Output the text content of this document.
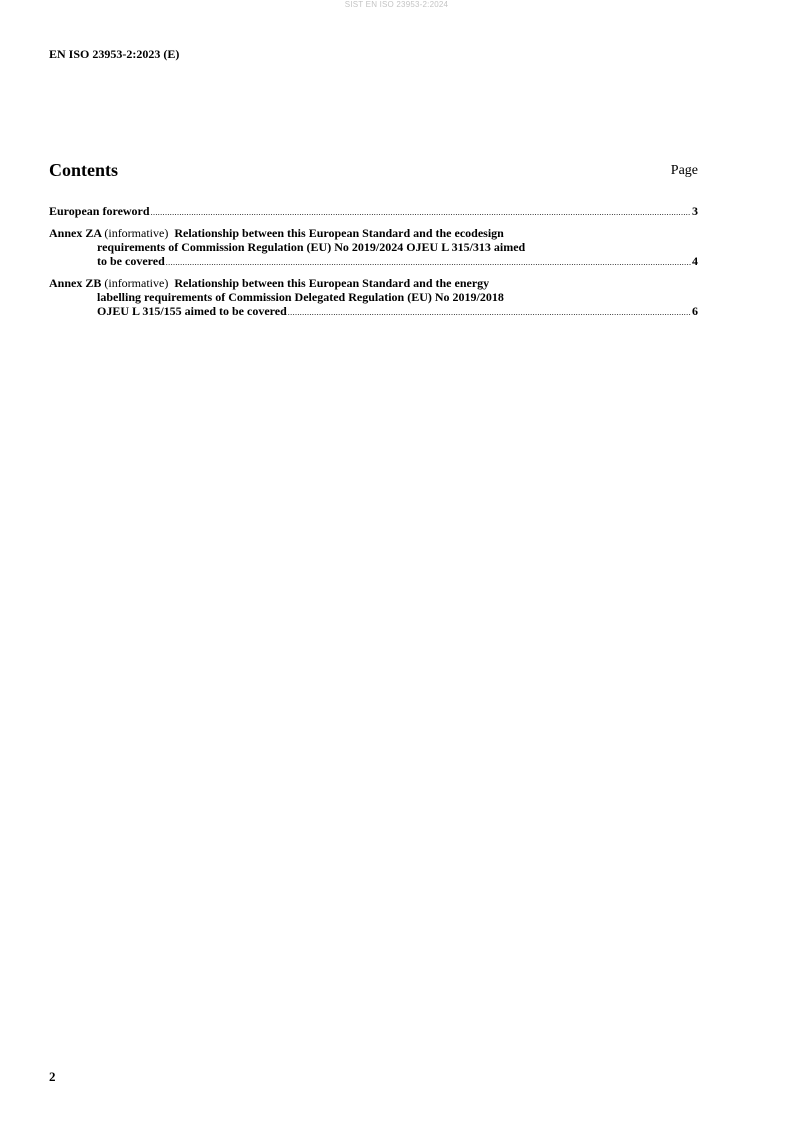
SIST EN ISO 23953-2:2024
EN ISO 23953-2:2023 (E)
Contents	Page
European foreword .....	3
Annex ZA (informative) Relationship between this European Standard and the ecodesign
requirements of Commission Regulation (EU) No 2019/2024 OJEU L 315/313 aimed
to be covered .....	4
Annex ZB (informative) Relationship between this European Standard and the energy
labelling requirements of Commission Delegated Regulation (EU) No 2019/2018
OJEU L 315/155 aimed to be covered .....	6
2
